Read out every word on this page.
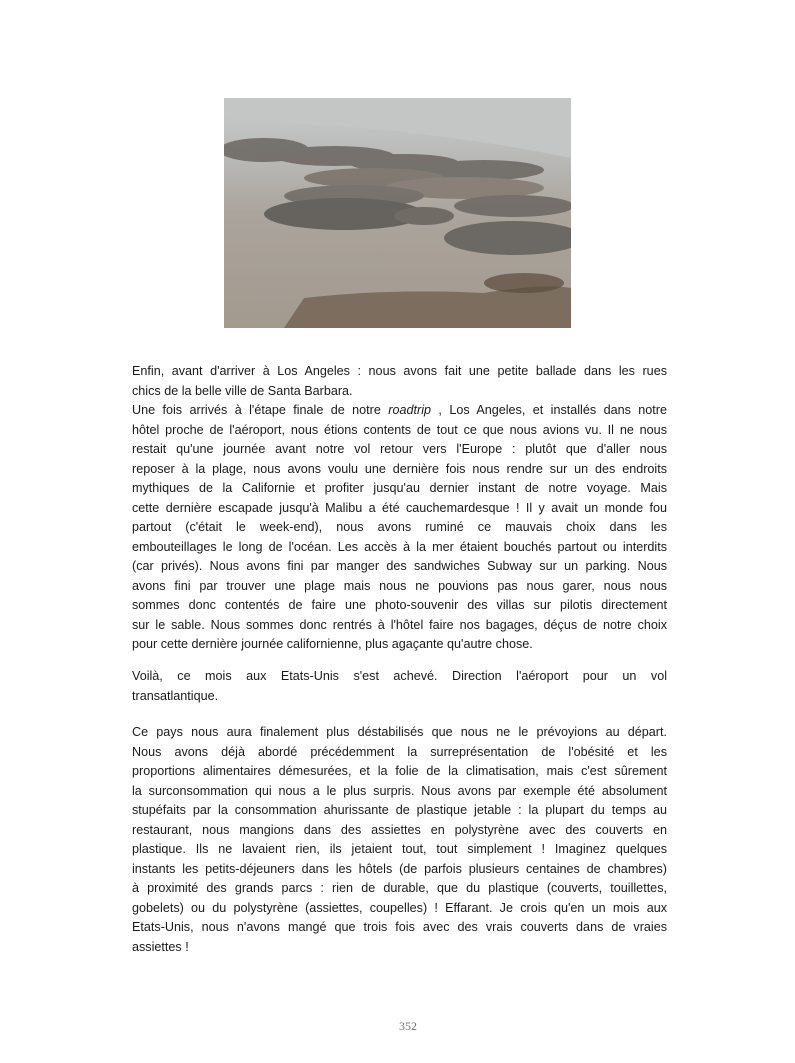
Enfin, avant d'arriver à Los Angeles : nous avons fait une petite ballade dans les rues
chics de la belle ville de Santa Barbara.
Une fois arrivés à l'étape finale de notre roadtrip , Los Angeles, et installés dans notre
hôtel proche de l'aéroport, nous étions contents de tout ce que nous avions vu. Il ne nous
restait qu'une journée avant notre vol retour vers l'Europe : plutôt que d'aller nous
reposer à la plage, nous avons voulu une dernière fois nous rendre sur un des endroits
mythiques de la Californie et profiter jusqu'au dernier instant de notre voyage. Mais
cette dernière escapade jusqu'à Malibu a été cauchemardesque ! Il y avait un monde fou
partout (c'était le week-end), nous avons ruminé ce mauvais choix dans les
embouteillages le long de l'océan. Les accès à la mer étaient bouchés partout ou interdits
(car privés). Nous avons fini par manger des sandwiches Subway sur un parking. Nous
avons fini par trouver une plage mais nous ne pouvions pas nous garer, nous nous
sommes donc contentés de faire une photo-souvenir des villas sur pilotis directement
sur le sable. Nous sommes donc rentrés à l'hôtel faire nos bagages, déçus de notre choix
pour cette dernière journée californienne, plus agaçante qu'autre chose.
Voilà, ce mois aux Etats-Unis s'est achevé. Direction l'aéroport pour un vol
transatlantique.
Ce pays nous aura finalement plus déstabilisés que nous ne le prévoyions au départ.
Nous avons déjà abordé précédemment la surreprésentation de l'obésité et les
proportions alimentaires démesurées, et la folie de la climatisation, mais c'est sûrement
la surconsommation qui nous a le plus surpris. Nous avons par exemple été absolument
stupéfaits par la consommation ahurissante de plastique jetable : la plupart du temps au
restaurant, nous mangions dans des assiettes en polystyrène avec des couverts en
plastique. Ils ne lavaient rien, ils jetaient tout, tout simplement ! Imaginez quelques
instants les petits-déjeuners dans les hôtels (de parfois plusieurs centaines de chambres)
à proximité des grands parcs : rien de durable, que du plastique (couverts, touillettes,
gobelets) ou du polystyrène (assiettes, coupelles) ! Effarant. Je crois qu'en un mois aux
Etats-Unis, nous n'avons mangé que trois fois avec des vrais couverts dans de vraies
assiettes !
352
